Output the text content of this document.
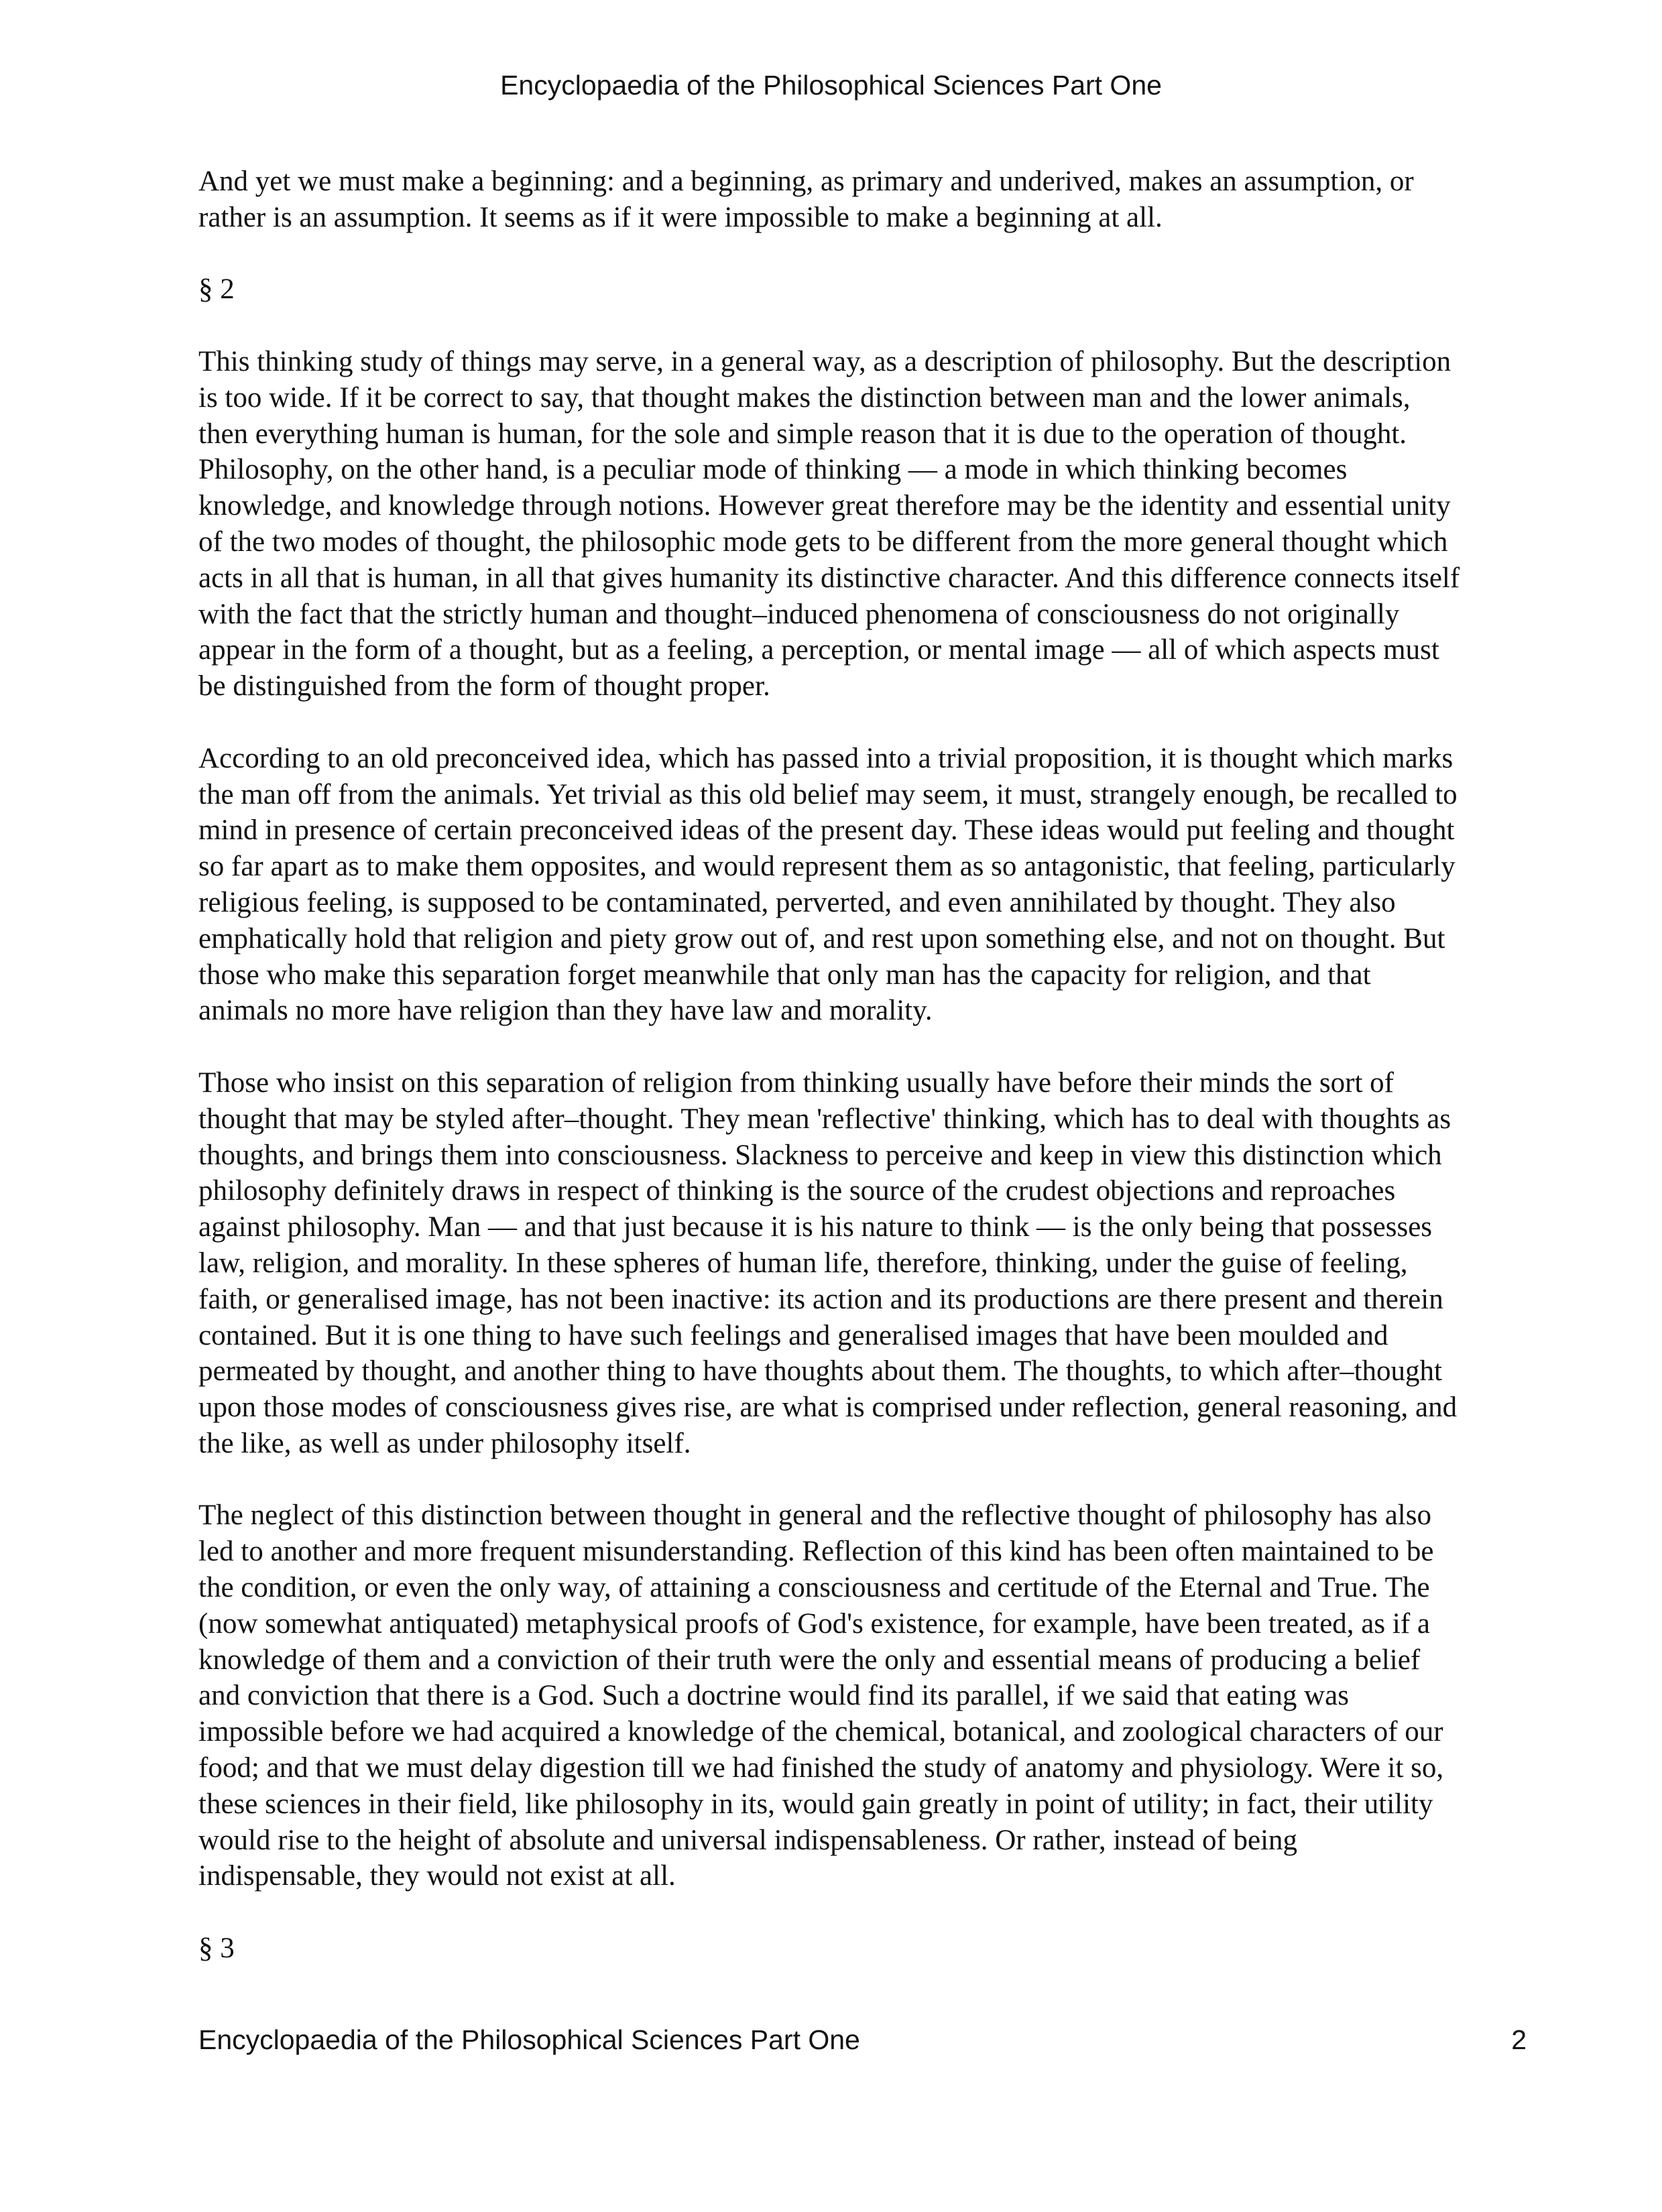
Encyclopaedia of the Philosophical Sciences Part One

And yet we must make a beginning: and a beginning, as primary and underived, makes an assumption, or
rather is an assumption. It seems as if it were impossible to make a beginning at all.

§ 2

This thinking study of things may serve, in a general way, as a description of philosophy. But the description
is too wide. If it be correct to say, that thought makes the distinction between man and the lower animals,
then everything human is human, for the sole and simple reason that it is due to the operation of thought.
Philosophy, on the other hand, is a peculiar mode of thinking –– a mode in which thinking becomes
knowledge, and knowledge through notions. However great therefore may be the identity and essential unity
of the two modes of thought, the philosophic mode gets to be different from the more general thought which
acts in all that is human, in all that gives humanity its distinctive character. And this difference connects itself
with the fact that the strictly human and thought–induced phenomena of consciousness do not originally
appear in the form of a thought, but as a feeling, a perception, or mental image — all of which aspects must
be distinguished from the form of thought proper.

According to an old preconceived idea, which has passed into a trivial proposition, it is thought which marks
the man off from the animals. Yet trivial as this old belief may seem, it must, strangely enough, be recalled to
mind in presence of certain preconceived ideas of the present day. These ideas would put feeling and thought
so far apart as to make them opposites, and would represent them as so antagonistic, that feeling, particularly
religious feeling, is supposed to be contaminated, perverted, and even annihilated by thought. They also
emphatically hold that religion and piety grow out of, and rest upon something else, and not on thought. But
those who make this separation forget meanwhile that only man has the capacity for religion, and that
animals no more have religion than they have law and morality.

Those who insist on this separation of religion from thinking usually have before their minds the sort of
thought that may be styled after–thought. They mean 'reflective' thinking, which has to deal with thoughts as
thoughts, and brings them into consciousness. Slackness to perceive and keep in view this distinction which
philosophy definitely draws in respect of thinking is the source of the crudest objections and reproaches
against philosophy. Man –– and that just because it is his nature to think –– is the only being that possesses
law, religion, and morality. In these spheres of human life, therefore, thinking, under the guise of feeling,
faith, or generalised image, has not been inactive: its action and its productions are there present and therein
contained. But it is one thing to have such feelings and generalised images that have been moulded and
permeated by thought, and another thing to have thoughts about them. The thoughts, to which after–thought
upon those modes of consciousness gives rise, are what is comprised under reflection, general reasoning, and
the like, as well as under philosophy itself.

The neglect of this distinction between thought in general and the reflective thought of philosophy has also
led to another and more frequent misunderstanding. Reflection of this kind has been often maintained to be
the condition, or even the only way, of attaining a consciousness and certitude of the Eternal and True. The
(now somewhat antiquated) metaphysical proofs of God's existence, for example, have been treated, as if a
knowledge of them and a conviction of their truth were the only and essential means of producing a belief
and conviction that there is a God. Such a doctrine would find its parallel, if we said that eating was
impossible before we had acquired a knowledge of the chemical, botanical, and zoological characters of our
food; and that we must delay digestion till we had finished the study of anatomy and physiology. Were it so,
these sciences in their field, like philosophy in its, would gain greatly in point of utility; in fact, their utility
would rise to the height of absolute and universal indispensableness. Or rather, instead of being
indispensable, they would not exist at all.

§ 3

Encyclopaedia of the Philosophical Sciences Part One	2
